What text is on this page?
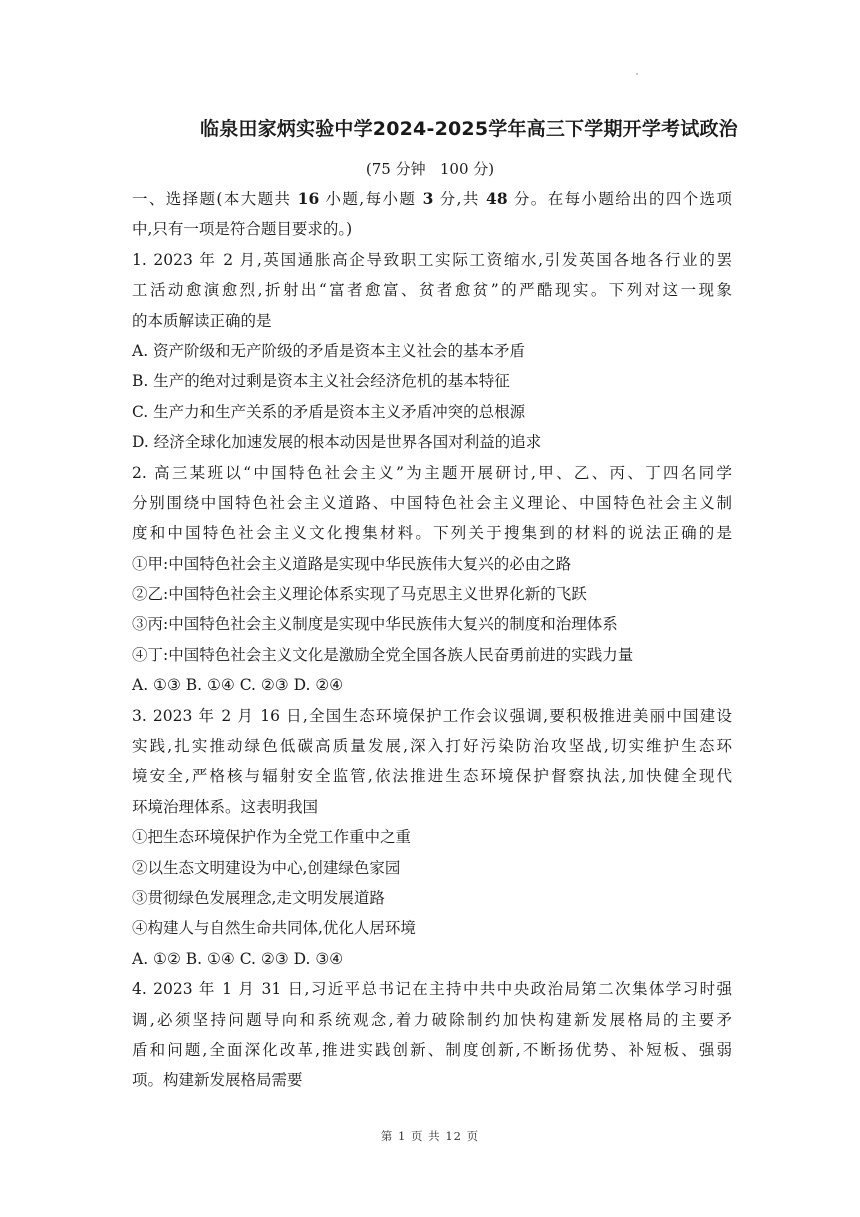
临泉田家炳实验中学2024-2025学年高三下学期开学考试政治
(75 分钟   100 分)
一、选择题(本大题共 16 小题,每小题 3 分,共 48 分。在每小题给出的四个选项
中,只有一项是符合题目要求的。)
1. 2023 年 2 月,英国通胀高企导致职工实际工资缩水,引发英国各地各行业的罢
工活动愈演愈烈,折射出“富者愈富、贫者愈贫”的严酷现实。下列对这一现象
的本质解读正确的是
A. 资产阶级和无产阶级的矛盾是资本主义社会的基本矛盾
B. 生产的绝对过剩是资本主义社会经济危机的基本特征
C. 生产力和生产关系的矛盾是资本主义矛盾冲突的总根源
D. 经济全球化加速发展的根本动因是世界各国对利益的追求
2. 高三某班以“中国特色社会主义”为主题开展研讨,甲、乙、丙、丁四名同学
分别围绕中国特色社会主义道路、中国特色社会主义理论、中国特色社会主义制
度和中国特色社会主义文化搜集材料。下列关于搜集到的材料的说法正确的是
①甲:中国特色社会主义道路是实现中华民族伟大复兴的必由之路
②乙:中国特色社会主义理论体系实现了马克思主义世界化新的飞跃
③丙:中国特色社会主义制度是实现中华民族伟大复兴的制度和治理体系
④丁:中国特色社会主义文化是激励全党全国各族人民奋勇前进的实践力量
A. ①③ B. ①④ C. ②③ D. ②④
3. 2023 年 2 月 16 日,全国生态环境保护工作会议强调,要积极推进美丽中国建设
实践,扎实推动绿色低碳高质量发展,深入打好污染防治攻坚战,切实维护生态环
境安全,严格核与辐射安全监管,依法推进生态环境保护督察执法,加快健全现代
环境治理体系。这表明我国
①把生态环境保护作为全党工作重中之重
②以生态文明建设为中心,创建绿色家园
③贯彻绿色发展理念,走文明发展道路
④构建人与自然生命共同体,优化人居环境
A. ①② B. ①④ C. ②③ D. ③④
4. 2023 年 1 月 31 日,习近平总书记在主持中共中央政治局第二次集体学习时强
调,必须坚持问题导向和系统观念,着力破除制约加快构建新发展格局的主要矛
盾和问题,全面深化改革,推进实践创新、制度创新,不断扬优势、补短板、强弱
项。构建新发展格局需要
第 1 页 共 12 页
